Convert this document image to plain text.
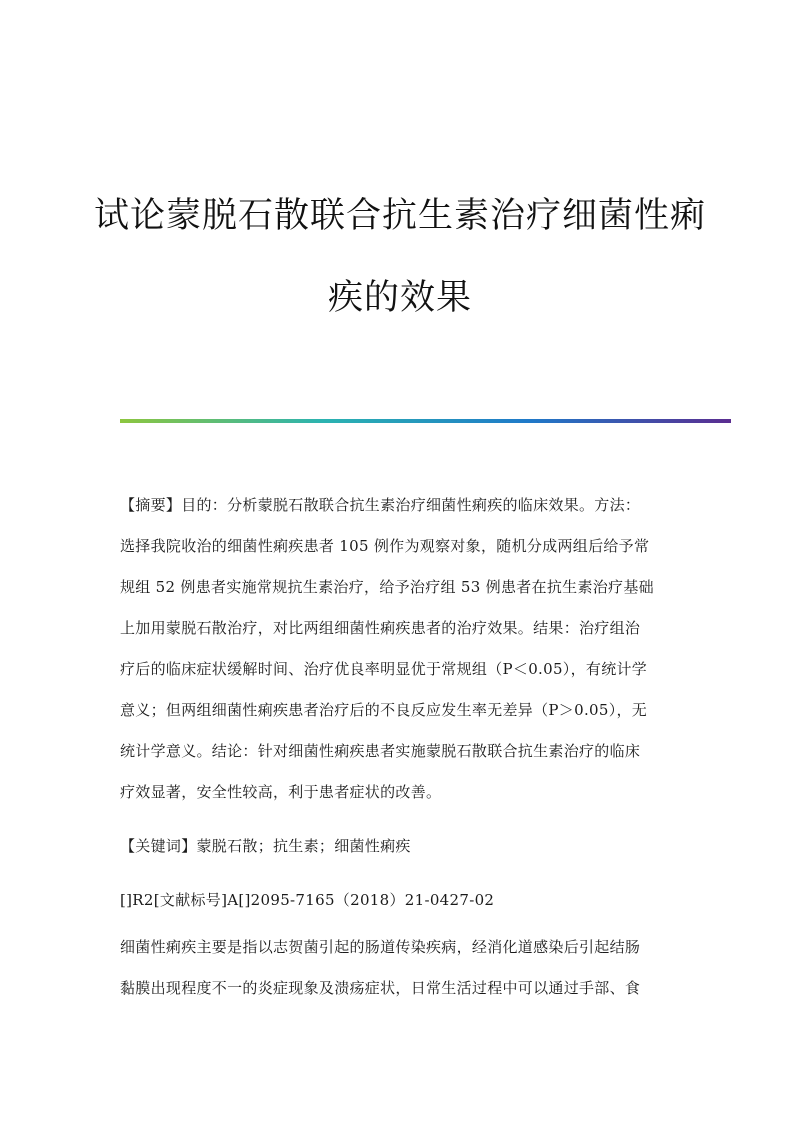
试论蒙脱石散联合抗生素治疗细菌性痢
疾的效果
【摘要】目的：分析蒙脱石散联合抗生素治疗细菌性痢疾的临床效果。方法：
选择我院收治的细菌性痢疾患者 105 例作为观察对象，随机分成两组后给予常
规组 52 例患者实施常规抗生素治疗，给予治疗组 53 例患者在抗生素治疗基础
上加用蒙脱石散治疗，对比两组细菌性痢疾患者的治疗效果。结果：治疗组治
疗后的临床症状缓解时间、治疗优良率明显优于常规组（P＜0.05），有统计学
意义；但两组细菌性痢疾患者治疗后的不良反应发生率无差异（P＞0.05），无
统计学意义。结论：针对细菌性痢疾患者实施蒙脱石散联合抗生素治疗的临床
疗效显著，安全性较高，利于患者症状的改善。
【关键词】蒙脱石散；抗生素；细菌性痢疾
[]R2[文献标号]A[]2095-7165（2018）21-0427-02
细菌性痢疾主要是指以志贺菌引起的肠道传染疾病，经消化道感染后引起结肠
黏膜出现程度不一的炎症现象及溃疡症状，日常生活过程中可以通过手部、食
